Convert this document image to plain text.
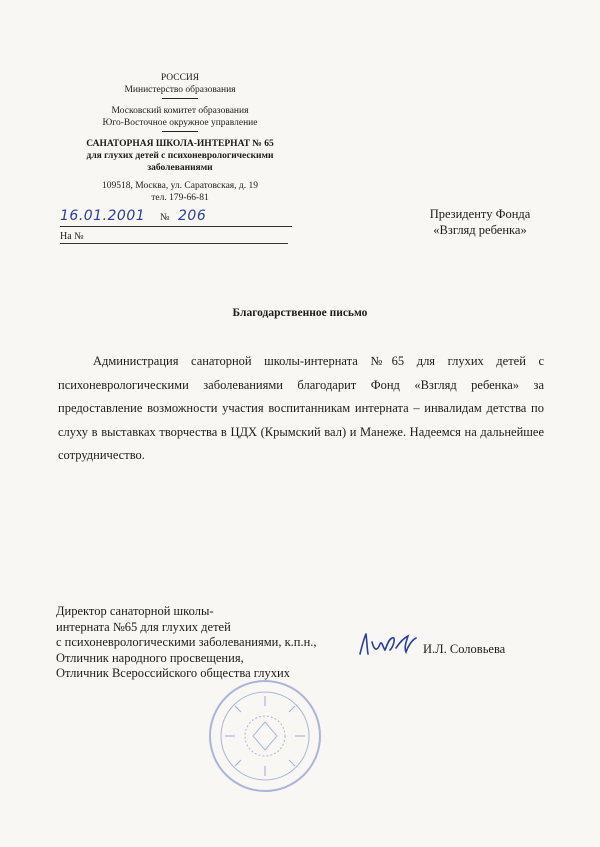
РОССИЯ
Министерство образования
Московский комитет образования
Юго-Восточное окружное управление
САНАТОРНАЯ ШКОЛА-ИНТЕРНАТ № 65
для глухих детей с психоневрологическими
заболеваниями
109518, Москва, ул. Саратовская, д. 19
тел. 179-66-81
16.01.2001 № 206
На №
Президенту Фонда
«Взгляд ребенка»
Благодарственное письмо
Администрация санаторной школы-интерната №65 для глухих детей с психоневрологическими заболеваниями благодарит Фонд «Взгляд ребенка» за предоставление возможности участия воспитанникам интерната – инвалидам детства по слуху в выставках творчества в ЦДХ (Крымский вал) и Манеже. Надеемся на дальнейшее сотрудничество.
Директор санаторной школы-
интерната №65 для глухих детей
с психоневрологическими заболеваниями, к.п.н.,
Отличник народного просвещения,
Отличник Всероссийского общества глухих
И.Л. Соловьева
